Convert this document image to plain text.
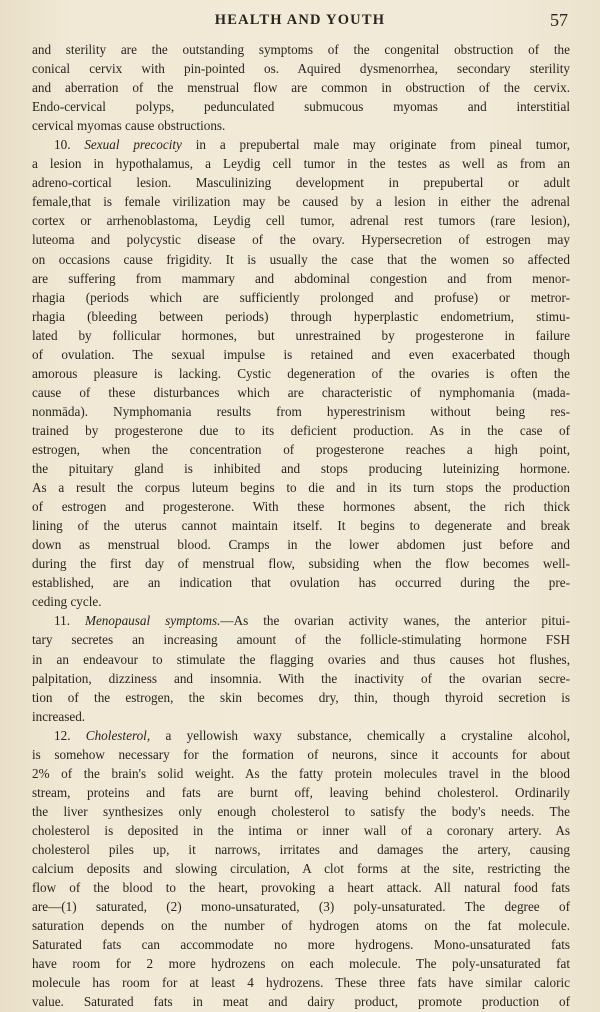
HEALTH AND YOUTH	57
and sterility are the outstanding symptoms of the congenital obstruction of the
conical cervix with pin-pointed os. Aquired dysmenorrhea, secondary sterility
and aberration of the menstrual flow are common in obstruction of the cervix.
Endo-cervical polyps, pedunculated submucous myomas and interstitial
cervical myomas cause obstructions.
10. Sexual precocity in a prepubertal male may originate from pineal tumor,
a lesion in hypothalamus, a Leydig cell tumor in the testes as well as from an
adreno-cortical lesion. Masculinizing development in prepubertal or adult
female,that is female virilization may be caused by a lesion in either the adrenal
cortex or arrhenoblastoma, Leydig cell tumor, adrenal rest tumors (rare lesion),
luteoma and polycystic disease of the ovary. Hypersecretion of estrogen may
on occasions cause frigidity. It is usually the case that the women so affected
are suffering from mammary and abdominal congestion and from menor-
rhagia (periods which are sufficiently prolonged and profuse) or metror-
rhagia (bleeding between periods) through hyperplastic endometrium, stimu-
lated by follicular hormones, but unrestrained by progesterone in failure
of ovulation. The sexual impulse is retained and even exacerbated though
amorous pleasure is lacking. Cystic degeneration of the ovaries is often the
cause of these disturbances which are characteristic of nymphomania (mada-
nonmāda). Nymphomania results from hyperestrinism without being res-
trained by progesterone due to its deficient production. As in the case of
estrogen, when the concentration of progesterone reaches a high point,
the pituitary gland is inhibited and stops producing luteinizing hormone.
As a result the corpus luteum begins to die and in its turn stops the production
of estrogen and progesterone. With these hormones absent, the rich thick
lining of the uterus cannot maintain itself. It begins to degenerate and break
down as menstrual blood. Cramps in the lower abdomen just before and
during the first day of menstrual flow, subsiding when the flow becomes well-
established, are an indication that ovulation has occurred during the pre-
ceding cycle.
11. Menopausal symptoms.—As the ovarian activity wanes, the anterior pitui-
tary secretes an increasing amount of the follicle-stimulating hormone FSH
in an endeavour to stimulate the flagging ovaries and thus causes hot flushes,
palpitation, dizziness and insomnia. With the inactivity of the ovarian secre-
tion of the estrogen, the skin becomes dry, thin, though thyroid secretion is
increased.
12. Cholesterol, a yellowish waxy substance, chemically a crystaline alcohol,
is somehow necessary for the formation of neurons, since it accounts for about
2% of the brain's solid weight. As the fatty protein molecules travel in the blood
stream, proteins and fats are burnt off, leaving behind cholesterol. Ordinarily
the liver synthesizes only enough cholesterol to satisfy the body's needs. The
cholesterol is deposited in the intima or inner wall of a coronary artery. As
cholesterol piles up, it narrows, irritates and damages the artery, causing
calcium deposits and slowing circulation, A clot forms at the site, restricting the
flow of the blood to the heart, provoking a heart attack. All natural food fats
are—(1) saturated, (2) mono-unsaturated, (3) poly-unsaturated. The degree of
saturation depends on the number of hydrogen atoms on the fat molecule.
Saturated fats can accommodate no more hydrogens. Mono-unsaturated fats
have room for 2 more hydrozens on each molecule. The poly-unsaturated fat
molecule has room for at least 4 hydrozens. These three fats have similar caloric
value. Saturated fats in meat and dairy product, promote production of
